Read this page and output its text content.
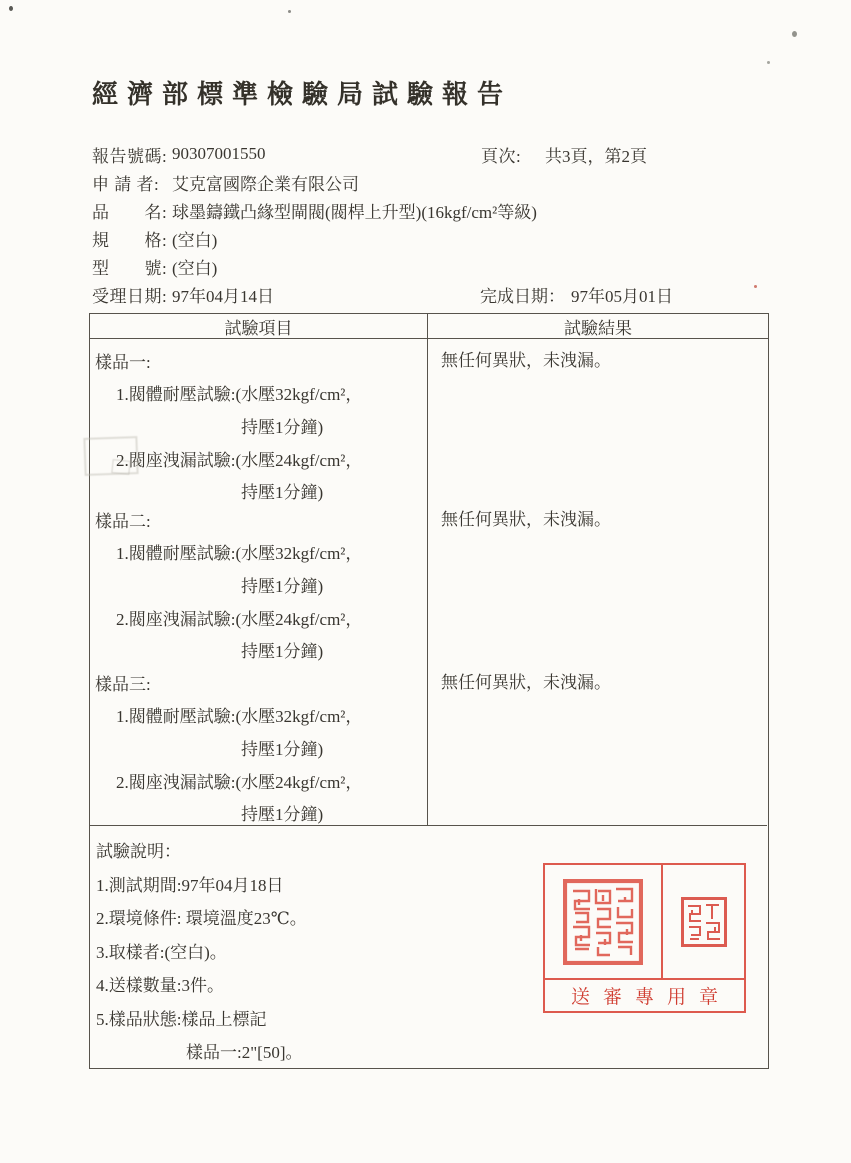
經濟部標準檢驗局試驗報告
報告號碼: 90307001550	頁次:	共3頁，第2頁
申 請 者: 艾克富國際企業有限公司
品　　名: 球墨鑄鐵凸緣型閘閥(閥桿上升型)(16kgf/cm²等級)
規　　格: (空白)
型　　號: (空白)
受理日期: 97年04月14日	完成日期： 97年05月01日
試驗項目	試驗結果
樣品一:
1.閥體耐壓試驗:(水壓32kgf/cm²，
持壓1分鐘)
2.閥座洩漏試驗:(水壓24kgf/cm²，
持壓1分鐘)
無任何異狀，未洩漏。
樣品二:
1.閥體耐壓試驗:(水壓32kgf/cm²，
持壓1分鐘)
2.閥座洩漏試驗:(水壓24kgf/cm²，
持壓1分鐘)
無任何異狀，未洩漏。
樣品三:
1.閥體耐壓試驗:(水壓32kgf/cm²，
持壓1分鐘)
2.閥座洩漏試驗:(水壓24kgf/cm²，
持壓1分鐘)
無任何異狀，未洩漏。
試驗說明：
1.測試期間:97年04月18日
2.環境條件: 環境溫度23℃。
3.取樣者:(空白)。
4.送樣數量:3件。
5.樣品狀態:樣品上標記
樣品一:2"[50]。
送審專用章
